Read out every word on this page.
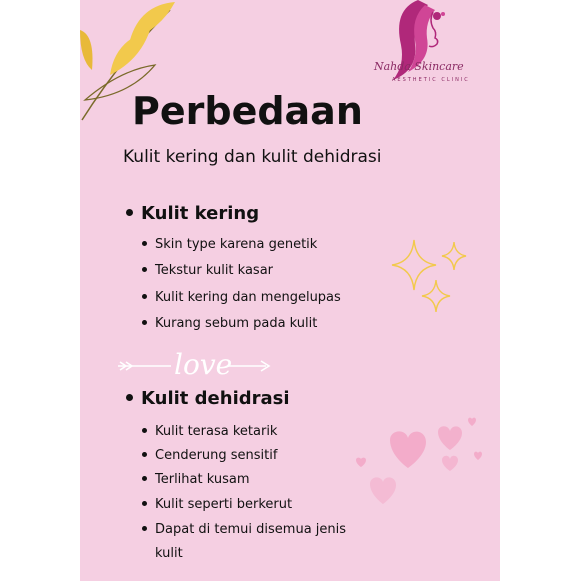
Nahda Skincare
AESTHETIC CLINIC
Perbedaan

Kulit kering dan kulit dehidrasi

Kulit kering
Skin type karena genetik
Tekstur kulit kasar
Kulit kering dan mengelupas
Kurang sebum pada kulit
love
Kulit dehidrasi
Kulit terasa ketarik
Cenderung sensitif
Terlihat kusam
Kulit seperti berkerut
Dapat di temui disemua jenis
kulit
